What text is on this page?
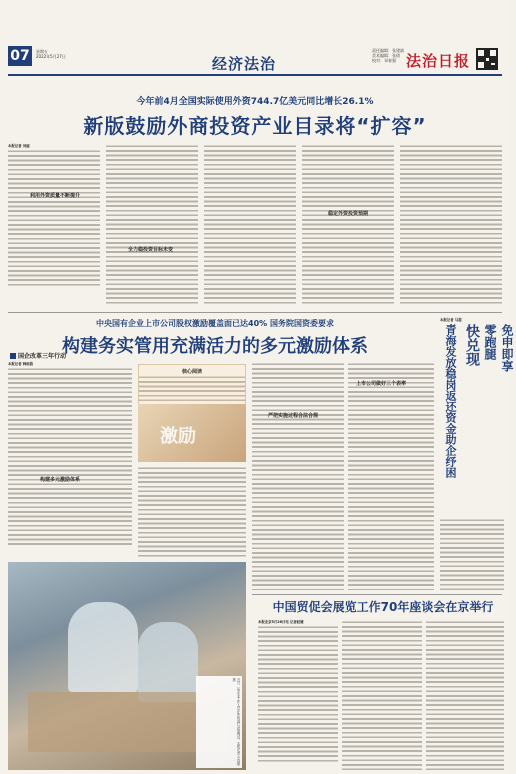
07	星期五
2022年5月27日	经济法治
责任编辑：张建斌
美术编辑：张倩
校对：邓春强 法治日报
今年前4月全国实际使用外资744.7亿美元同比增长26.1%
新版鼓励外商投资产业目录将“扩容”
本报记者 刘丽
利用外资质量不断提升
全力稳投资目标未变
稳定外资投资预期
中央国有企业上市公司股权激励覆盖面已达40% 国务院国资委要求
构建务实管用充满活力的多元激励体系
国企改革三年行动
本报记者 韩雨晨
构建多元激励体系
核心阅读
激励
严把实施过程合法合规
上市公司做好三个表率
近日，某企业工作人员在车间进行设备调试。本报记者 方春丽 摄
免申即享
零跑腿
快兑现
青海发放稳岗返还资金助企纾困
本报记者 马超
中国贸促会展览工作70年座谈会在京举行
本报北京5月26日电 记者赵婕
